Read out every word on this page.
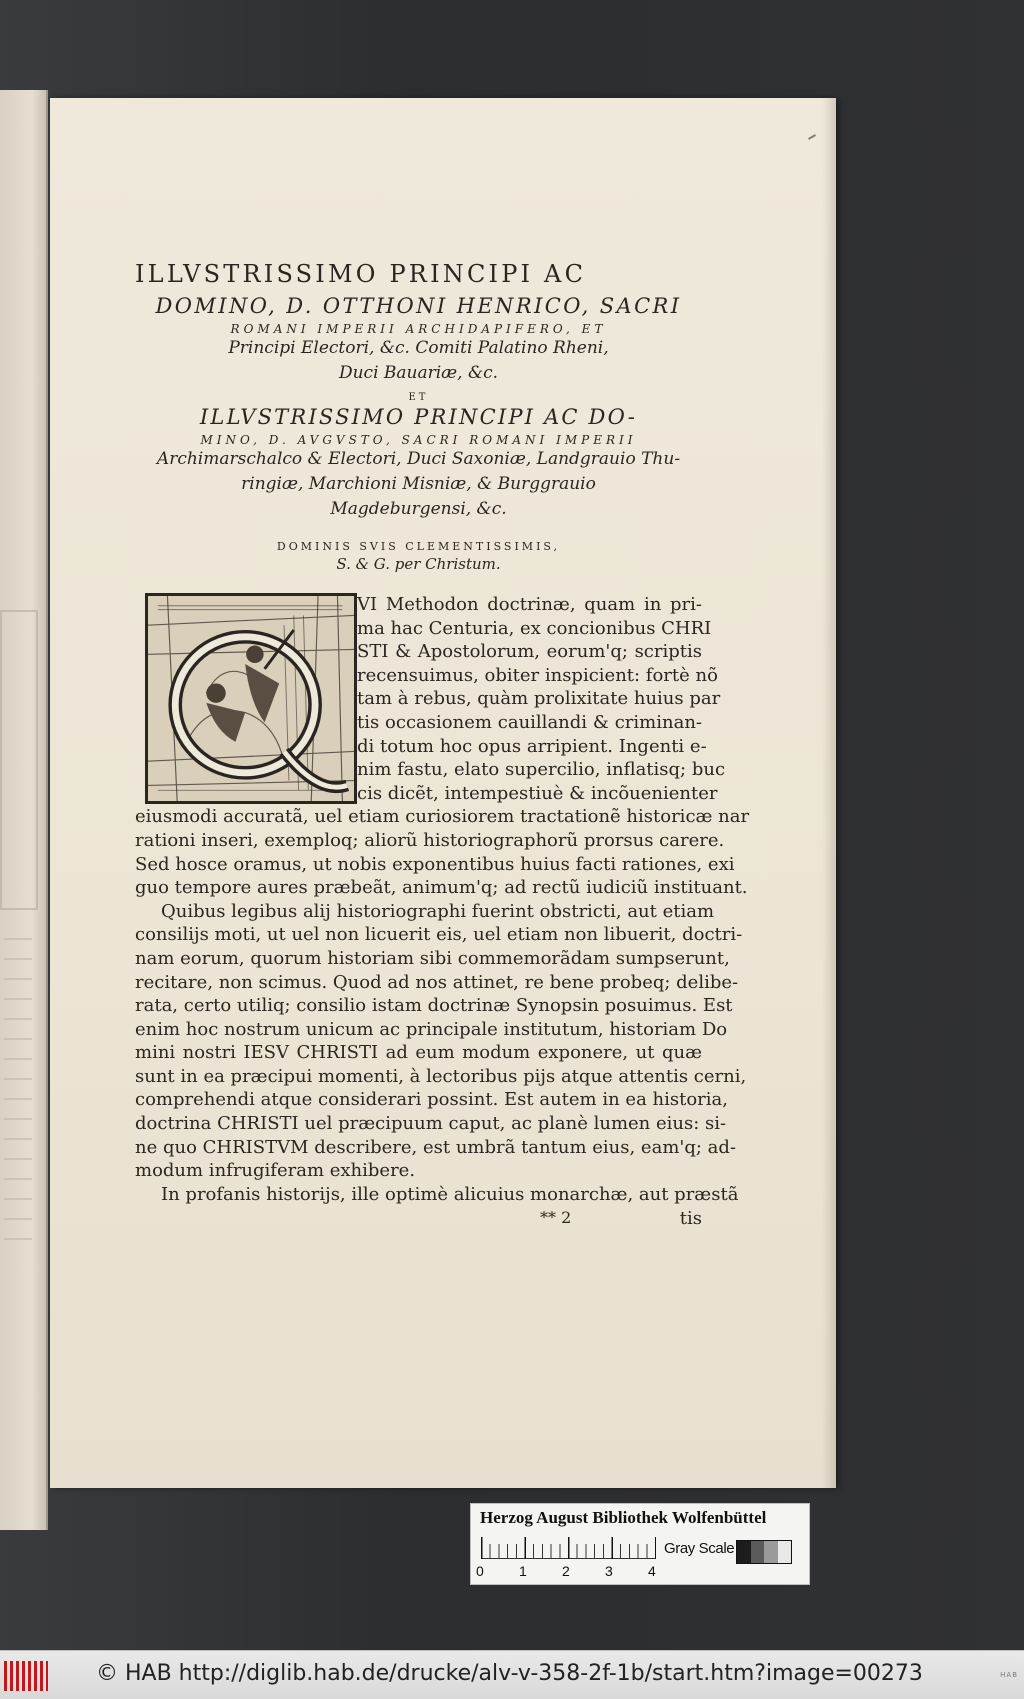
ILLVSTRISSIMO PRINCIPI AC
DOMINO, D. OTTHONI HENRICO, SACRI
ROMANI IMPERII ARCHIDAPIFERO, ET
Principi Electori, &c. Comiti Palatino Rheni,
Duci Bauariæ, &c.
ET
ILLVSTRISSIMO PRINCIPI AC DO-
MINO, D. AVGVSTO, SACRI ROMANI IMPERII
Archimarschalco & Electori, Duci Saxoniæ, Landgrauio Thu-
ringiæ, Marchioni Misniæ, & Burggrauio
Magdeburgensi, &c.
DOMINIS SVIS CLEMENTISSIMIS,
S. & G. per Christum.
VI Methodon doctrinæ, quam in pri-
ma hac Centuria, ex concionibus CHRI
STI & Apostolorum, eorum'q; scriptis
recensuimus, obiter inspicient: fortè nõ
tam à rebus, quàm prolixitate huius par
tis occasionem cauillandi & criminan-
di totum hoc opus arripient. Ingenti e-
nim fastu, elato supercilio, inflatisq; buc
cis dicẽt, intempestiuè & incõuenienter
eiusmodi accuratã, uel etiam curiosiorem tractationẽ historicæ nar
rationi inseri, exemploq; aliorũ historiographorũ prorsus carere.
Sed hosce oramus, ut nobis exponentibus huius facti rationes, exi
guo tempore aures præbeãt, animum'q; ad rectũ iudiciũ instituant.
Quibus legibus alij historiographi fuerint obstricti, aut etiam
consilijs moti, ut uel non licuerit eis, uel etiam non libuerit, doctri-
nam eorum, quorum historiam sibi commemorãdam sumpserunt,
recitare, non scimus. Quod ad nos attinet, re bene probeq; delibe-
rata, certo utiliq; consilio istam doctrinæ Synopsin posuimus. Est
enim hoc nostrum unicum ac principale institutum, historiam Do
mini nostri IESV CHRISTI ad eum modum exponere, ut quæ
sunt in ea præcipui momenti, à lectoribus pijs atque attentis cerni,
comprehendi atque considerari possint. Est autem in ea historia,
doctrina CHRISTI uel præcipuum caput, ac planè lumen eius: si-
ne quo CHRISTVM describere, est umbrã tantum eius, eam'q; ad-
modum infrugiferam exhibere.
In profanis historijs, ille optimè alicuius monarchæ, aut præstã
** 2	tis
Herzog August Bibliothek Wolfenbüttel
0	1	2	3	4
Gray Scale
© HAB http://diglib.hab.de/drucke/alv-v-358-2f-1b/start.htm?image=00273	HAB
